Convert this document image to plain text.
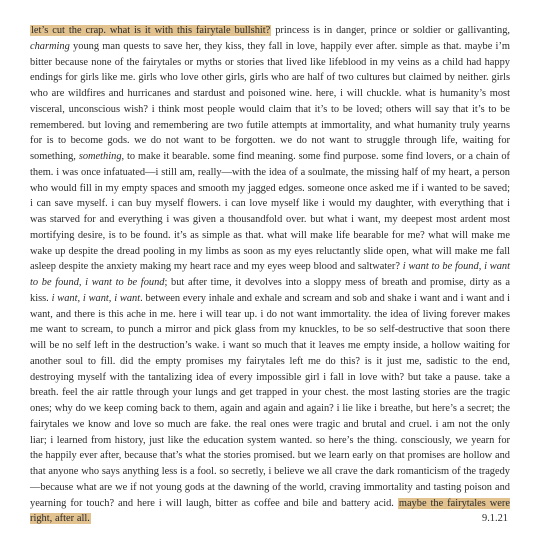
let’s cut the crap. what is it with this fairytale bullshit? princess is in danger, prince or soldier or gallivanting, charming young man quests to save her, they kiss, they fall in love, happily ever after. simple as that. maybe i’m bitter because none of the fairytales or myths or stories that lived like lifeblood in my veins as a child had happy endings for girls like me. girls who love other girls, girls who are half of two cultures but claimed by neither. girls who are wildfires and hurricanes and stardust and poisoned wine. here, i will chuckle. what is humanity’s most visceral, unconscious wish? i think most people would claim that it’s to be loved; others will say that it’s to be remembered. but loving and remembering are two futile attempts at immortality, and what humanity truly yearns for is to become gods. we do not want to be forgotten. we do not want to struggle through life, waiting for something, something, to make it bearable. some find meaning. some find purpose. some find lovers, or a chain of them. i was once infatuated—i still am, really—with the idea of a soulmate, the missing half of my heart, a person who would fill in my empty spaces and smooth my jagged edges. someone once asked me if i wanted to be saved; i can save myself. i can buy myself flowers. i can love myself like i would my daughter, with everything that i was starved for and everything i was given a thousandfold over. but what i want, my deepest most ardent most mortifying desire, is to be found. it’s as simple as that. what will make life bearable for me? what will make me wake up despite the dread pooling in my limbs as soon as my eyes reluctantly slide open, what will make me fall asleep despite the anxiety making my heart race and my eyes weep blood and saltwater? i want to be found, i want to be found, i want to be found; but after time, it devolves into a sloppy mess of breath and promise, dirty as a kiss. i want, i want, i want. between every inhale and exhale and scream and sob and shake i want and i want and i want, and there is this ache in me. here i will tear up. i do not want immortality. the idea of living forever makes me want to scream, to punch a mirror and pick glass from my knuckles, to be so self-destructive that soon there will be no self left in the destruction’s wake. i want so much that it leaves me empty inside, a hollow waiting for another soul to fill. did the empty promises my fairytales left me do this? is it just me, sadistic to the end, destroying myself with the tantalizing idea of every impossible girl i fall in love with? but take a pause. take a breath. feel the air rattle through your lungs and get trapped in your chest. the most lasting stories are the tragic ones; why do we keep coming back to them, again and again and again? i lie like i breathe, but here’s a secret; the fairytales we know and love so much are fake. the real ones were tragic and brutal and cruel. i am not the only liar; i learned from history, just like the education system wanted. so here’s the thing. consciously, we yearn for the happily ever after, because that’s what the stories promised. but we learn early on that promises are hollow and that anyone who says anything less is a fool. so secretly, i believe we all crave the dark romanticism of the tragedy—because what are we if not young gods at the dawning of the world, craving immortality and tasting poison and yearning for touch? and here i will laugh, bitter as coffee and bile and battery acid. maybe the fairytales were right, after all.	9.1.21
